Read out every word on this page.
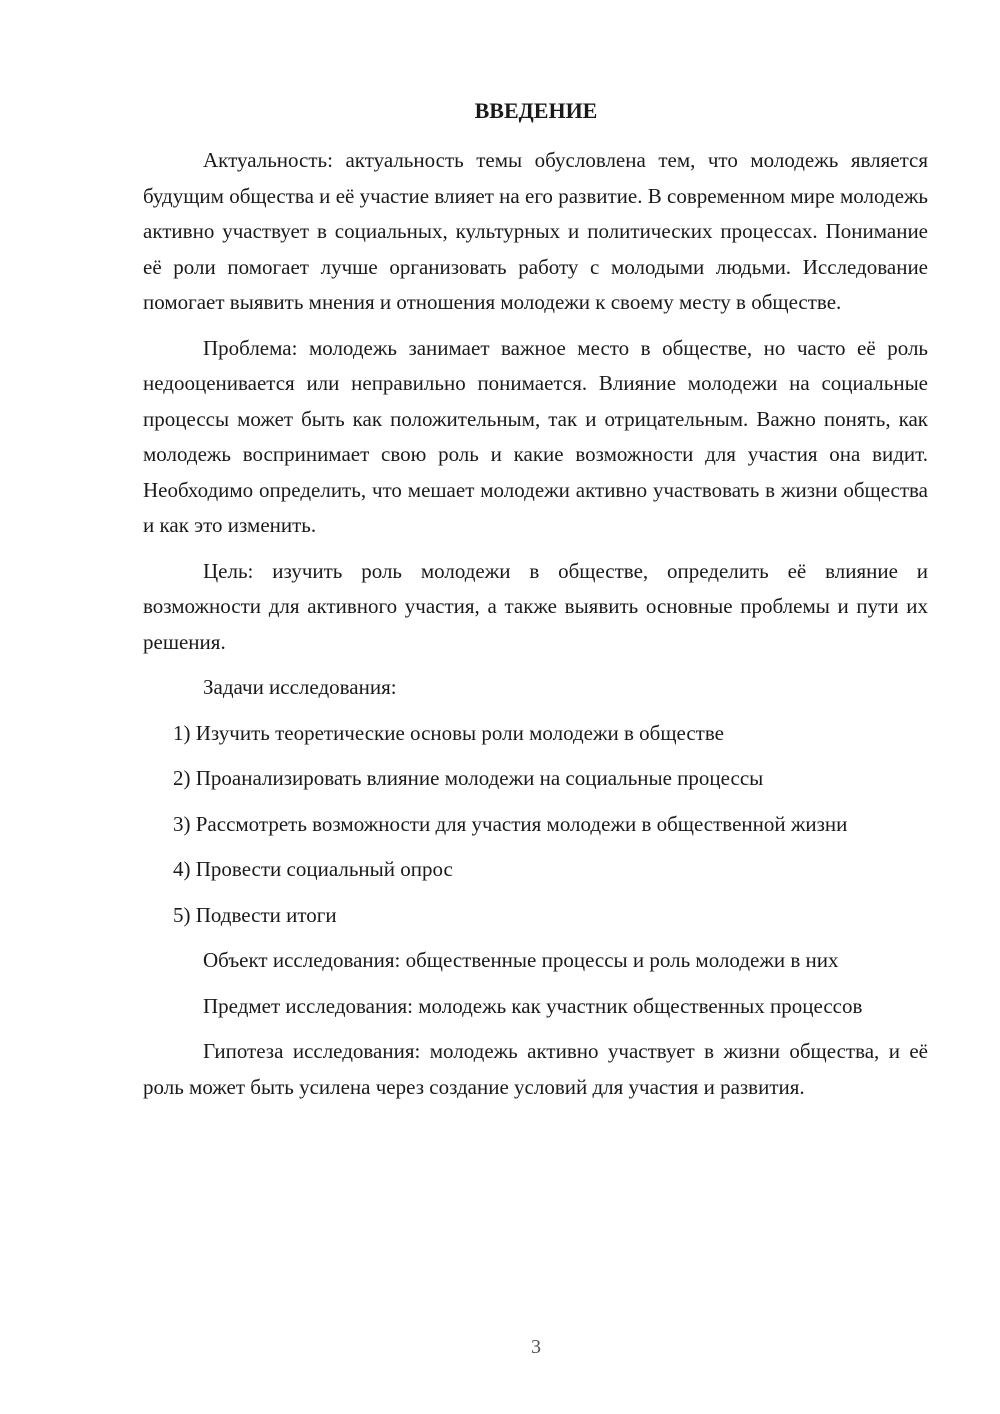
ВВЕДЕНИЕ

Актуальность: актуальность темы обусловлена тем, что молодежь является будущим общества и её участие влияет на его развитие. В современном мире молодежь активно участвует в социальных, культурных и политических процессах. Понимание её роли помогает лучше организовать работу с молодыми людьми. Исследование помогает выявить мнения и отношения молодежи к своему месту в обществе.

Проблема: молодежь занимает важное место в обществе, но часто её роль недооценивается или неправильно понимается. Влияние молодежи на социальные процессы может быть как положительным, так и отрицательным. Важно понять, как молодежь воспринимает свою роль и какие возможности для участия она видит. Необходимо определить, что мешает молодежи активно участвовать в жизни общества и как это изменить.

Цель: изучить роль молодежи в обществе, определить её влияние и возможности для активного участия, а также выявить основные проблемы и пути их решения.

Задачи исследования:

1) Изучить теоретические основы роли молодежи в обществе

2) Проанализировать влияние молодежи на социальные процессы

3) Рассмотреть возможности для участия молодежи в общественной жизни

4) Провести социальный опрос

5) Подвести итоги

Объект исследования: общественные процессы и роль молодежи в них

Предмет исследования: молодежь как участник общественных процессов

Гипотеза исследования: молодежь активно участвует в жизни общества, и её роль может быть усилена через создание условий для участия и развития.

3
